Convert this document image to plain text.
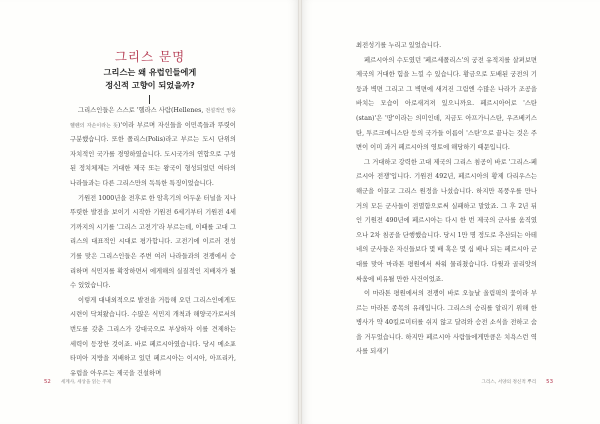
그리스 문명
그리스는 왜 유럽인들에게
정신적 고향이 되었을까?

그리스인들은 스스로 '헬라스 사람(Hellenes, 전설적인 영웅 헬렌의 자손이라는 뜻)'이라 부르며 자신들을 이민족들과 뚜렷이 구분했습니다. 또한 폴리스(Polis)라고 부르는 도시 단위의 자치적인 국가를 경영하였습니다. 도시국가의 연합으로 구성된 정치체제는 거대한 제국 또는 왕국이 형성되었던 여타의 나라들과는 다른 그리스만의 독특한 특징이었습니다.

기원전 1000년을 전후로 한 암흑기의 어두운 터널을 지나 뚜렷한 발전을 보이기 시작한 기원전 6세기부터 기원전 4세기까지의 시기를 '그리스 고전기'라 부르는데, 이때를 고대 그리스의 대표적인 시대로 평가합니다. 고전기에 이르러 전성기를 맞은 그리스인들은 주변 여러 나라들과의 전쟁에서 승리하며 식민지를 확장하면서 에게해의 실질적인 지배자가 될 수 있었습니다.

이렇게 대내외적으로 발전을 거듭해 오던 그리스인에게도 시련이 닥쳐왔습니다. 수많은 식민지 개척과 해양국가로서의 번도를 갖춘 그리스가 강대국으로 부상하자 이를 견제하는 세력이 등장한 것이죠. 바로 페르시아였습니다. 당시 메소포타미아 지방을 지배하고 있던 페르시아는 이시아, 아프리카, 유럽을 아우르는 제국을 건설하며

52 세계사, 세상을 읽는 주제

최전성기를 누리고 있었습니다.

페르시아의 수도였던 '페르세폴리스'의 궁전 유적지를 살펴보면 제국의 거대한 힘을 느낄 수 있습니다. 황금으로 도배된 궁전의 기둥과 벽면 그리고 그 벽면에 새겨진 그림엔 수많은 나라가 조공을 바치는 모습이 아로새겨져 있으니까요. 페르시아어로 '스탄(stan)'은 '땅'이라는 의미인데, 지금도 아프가니스탄, 우즈베키스탄, 투르크메니스탄 등의 국가들 이름이 '스탄'으로 끝나는 것은 주변이 이미 과거 페르시아의 영토에 해당하기 때문입니다.

그 거대하고 강력한 고대 제국의 그리스 침공이 바로 '그리스-페르시아 전쟁'입니다. 기원전 492년, 페르시아의 황제 다리우스는 해군을 이끌고 그리스 원정을 나섰습니다. 하지만 폭풍우를 만나 거의 모든 군사들이 전멸함으로써 실패하고 말았죠. 그 후 2년 뒤인 기원전 490년에 페르시아는 다시 한 번 제국의 군사를 움직였으나 2차 침공을 단행했습니다. 당시 1만 명 정도로 추산되는 아테네의 군사들은 자신들보다 몇 배 혹은 몇 십 배나 되는 페르시아 군대를 맞아 마라톤 평원에서 싸워 물리쳤습니다. 다윗과 골리앗의 싸움에 비유될 만한 사건이었죠.

이 마라톤 평원에서의 전쟁이 바로 오늘날 올림픽의 꽃이라 부르는 마라톤 종목의 유래입니다. 그리스의 승리를 알리기 위해 한 병사가 약 40킬로미터를 쉬지 않고 달려와 승전 소식을 전하고 숨을 거두었습니다. 하지만 페르시아 사람들에게만큼은 치욕스런 역사를 되새기

그리스, 서양의 정신적 뿌리 53
